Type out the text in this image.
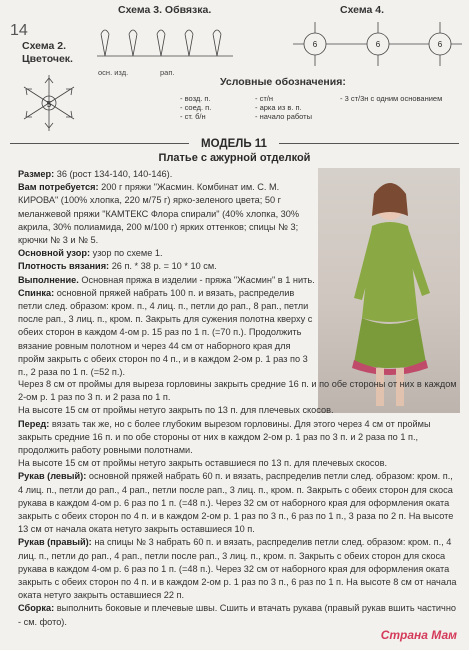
14
Схема 2. Цветочек.
5
Схема 3. Обвязка.
осн. изд.	рап.
Схема 4.
6	6	6
Условные обозначения:
- возд. п.
- соед. п.
- ст. б/н
- ст/н
- арка из в. п.
- начало работы
- 3 ст/3н с одним основанием
МОДЕЛЬ 11
Платье с ажурной отделкой

Размер: 36 (рост 134-140, 140-146).

Вам потребуется: 200 г пряжи "Жасмин. Комбинат им. С. М. КИРОВА" (100% хлопка, 220 м/75 г) ярко-зеленого цвета; 50 г меланжевой пряжи "КАМТЕКС Флора спирали" (40% хлопка, 30% акрила, 30% полиамида, 200 м/100 г) ярких оттенков; спицы № 3; крючки № 3 и № 5.

Основной узор: узор по схеме 1.

Плотность вязания: 26 п. * 38 р. = 10 * 10 см.

Выполнение. Основная пряжа в изделии - пряжа "Жасмин" в 1 нить.

Спинка: основной пряжей набрать 100 п. и вязать, распределив петли след. образом: кром. п., 4 лиц. п., петли до рап., 8 рап., петли после рап., 3 лиц. п., кром. п. Закрыть для сужения полотна кверху с обеих сторон в каждом 4-ом р. 15 раз по 1 п. (=70 п.). Продолжить вязание ровным полотном и через 44 см от наборного края для пройм закрыть с обеих сторон по 4 п., и в каждом 2-ом р. 1 раз по 3 п., 2 раза по 1 п. (=52 п.).

Через 8 см от проймы для выреза горловины закрыть средние 16 п. и по обе стороны от них в каждом 2-ом р. 1 раз по 3 п. и 2 раза по 1 п.

На высоте 15 см от проймы нетуго закрыть по 13 п. для плечевых скосов.

Перед: вязать так же, но с более глубоким вырезом горловины. Для этого через 4 см от проймы закрыть средние 16 п. и по обе стороны от них в каждом 2-ом р. 1 раз по 3 п. и 2 раза по 1 п., продолжить работу ровными полотнами.

На высоте 15 см от проймы нетуго закрыть оставшиеся по 13 п. для плечевых скосов.

Рукав (левый): основной пряжей набрать 60 п. и вязать, распределив петли след. образом: кром. п., 4 лиц. п., петли до рап., 4 рап., петли после рап., 3 лиц. п., кром. п. Закрыть с обеих сторон для скоса рукава в каждом 4-ом р. 6 раз по 1 п. (=48 п.). Через 32 см от наборного края для оформления оката закрыть с обеих сторон по 4 п. и в каждом 2-ом р. 1 раз по 3 п., 6 раз по 1 п., 3 раза по 2 п. На высоте 13 см от начала оката нетуго закрыть оставшиеся 10 п.

Рукав (правый): на спицы № 3 набрать 60 п. и вязать, распределив петли след. образом: кром. п., 4 лиц. п., петли до рап., 4 рап., петли после рап., 3 лиц. п., кром. п. Закрыть с обеих сторон для скоса рукава в каждом 4-ом р. 6 раз по 1 п. (=48 п.). Через 32 см от наборного края для оформления оката закрыть с обеих сторон по 4 п. и в каждом 2-ом р. 1 раз по 3 п., 6 раз по 1 п. На высоте 8 см от начала оката нетуго закрыть оставшиеся 22 п.

Сборка: выполнить боковые и плечевые швы. Сшить и втачать рукава (правый рукав вшить частично - см. фото).

Страна Мам
